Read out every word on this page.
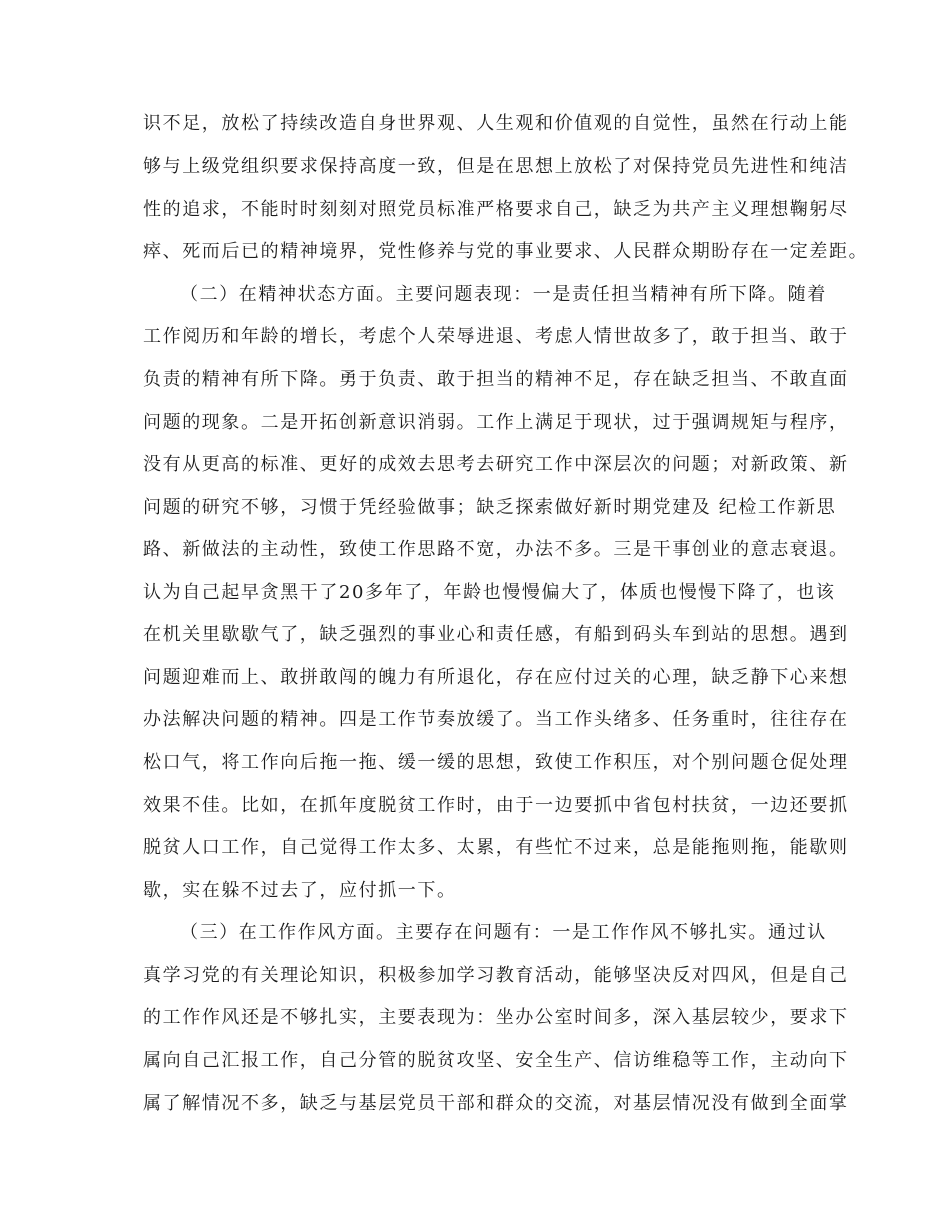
识不足，放松了持续改造自身世界观、人生观和价值观的自觉性，虽然在行动上能
够与上级党组织要求保持高度一致，但是在思想上放松了对保持党员先进性和纯洁
性的追求，不能时时刻刻对照党员标准严格要求自己，缺乏为共产主义理想鞠躬尽
瘁、死而后已的精神境界，党性修养与党的事业要求、人民群众期盼存在一定差距。
（二）在精神状态方面。主要问题表现：一是责任担当精神有所下降。随着
工作阅历和年龄的增长，考虑个人荣辱进退、考虑人情世故多了，敢于担当、敢于
负责的精神有所下降。勇于负责、敢于担当的精神不足，存在缺乏担当、不敢直面
问题的现象。二是开拓创新意识消弱。工作上满足于现状，过于强调规矩与程序，
没有从更高的标准、更好的成效去思考去研究工作中深层次的问题；对新政策、新
问题的研究不够，习惯于凭经验做事；缺乏探索做好新时期党建及 纪检工作新思
路、新做法的主动性，致使工作思路不宽，办法不多。三是干事创业的意志衰退。
认为自己起早贪黑干了20多年了，年龄也慢慢偏大了，体质也慢慢下降了，也该
在机关里歇歇气了，缺乏强烈的事业心和责任感，有船到码头车到站的思想。遇到
问题迎难而上、敢拼敢闯的魄力有所退化，存在应付过关的心理，缺乏静下心来想
办法解决问题的精神。四是工作节奏放缓了。当工作头绪多、任务重时，往往存在
松口气，将工作向后拖一拖、缓一缓的思想，致使工作积压，对个别问题仓促处理
效果不佳。比如，在抓年度脱贫工作时，由于一边要抓中省包村扶贫，一边还要抓
脱贫人口工作，自己觉得工作太多、太累，有些忙不过来，总是能拖则拖，能歇则
歇，实在躲不过去了，应付抓一下。
（三）在工作作风方面。主要存在问题有：一是工作作风不够扎实。通过认
真学习党的有关理论知识，积极参加学习教育活动，能够坚决反对四风，但是自己
的工作作风还是不够扎实，主要表现为：坐办公室时间多，深入基层较少，要求下
属向自己汇报工作，自己分管的脱贫攻坚、安全生产、信访维稳等工作，主动向下
属了解情况不多，缺乏与基层党员干部和群众的交流，对基层情况没有做到全面掌
